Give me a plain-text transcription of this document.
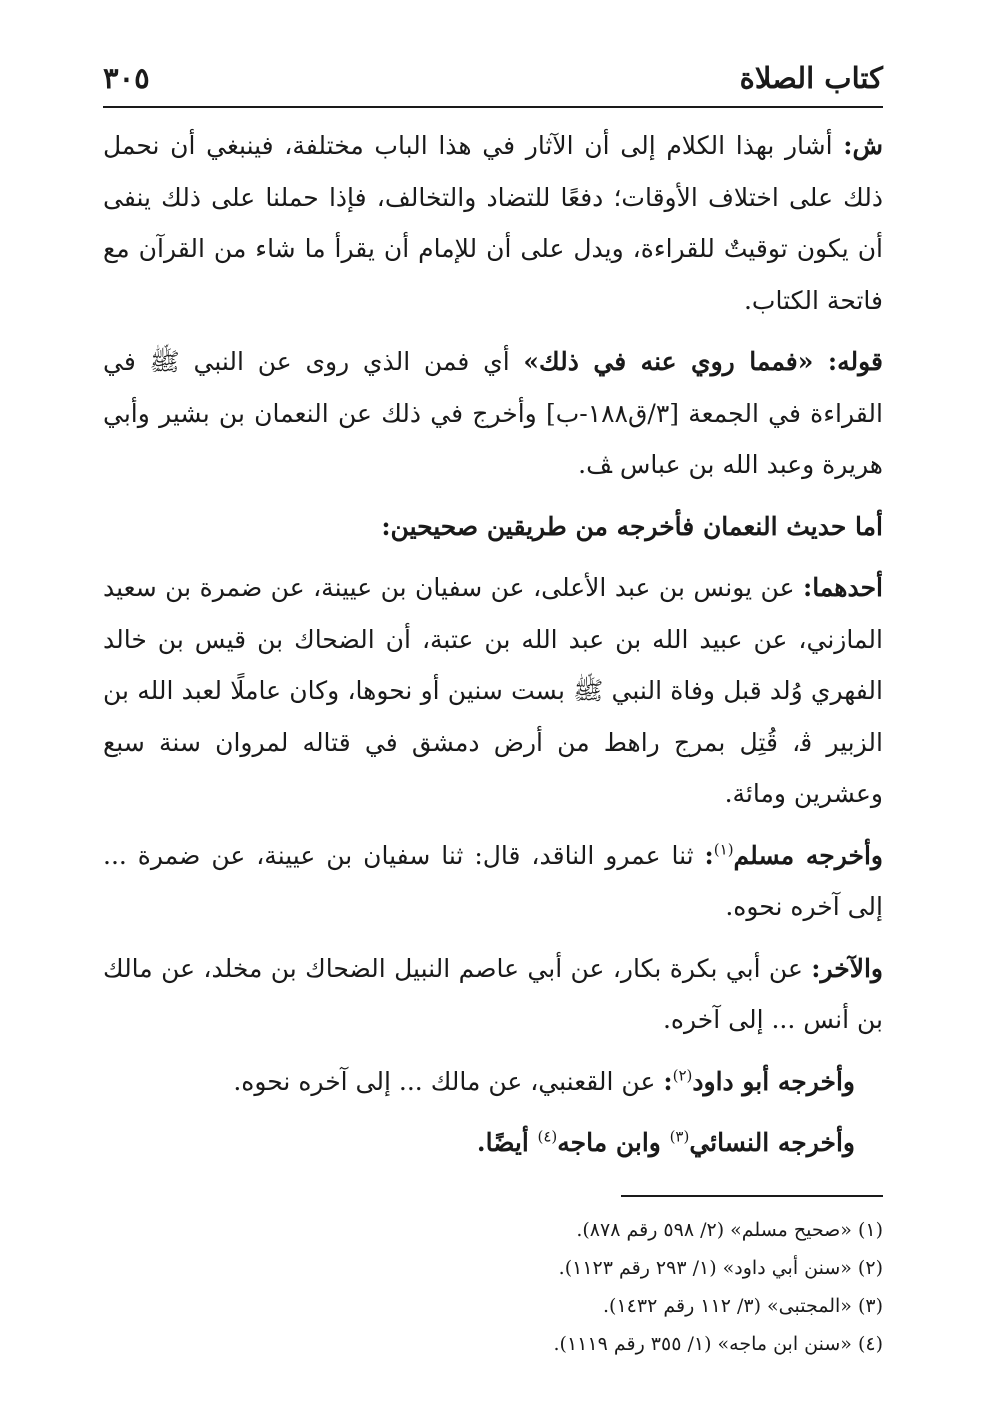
كتاب الصلاة
٣٠٥

ش: أشار بهذا الكلام إلى أن الآثار في هذا الباب مختلفة، فينبغي أن نحمل ذلك على اختلاف الأوقات؛ دفعًا للتضاد والتخالف، فإذا حملنا على ذلك ينفى أن يكون توقيتٌ للقراءة، ويدل على أن للإمام أن يقرأ ما شاء من القرآن مع فاتحة الكتاب.

قوله: «فمما روي عنه في ذلك» أي فمن الذي روى عن النبي ﷺ في القراءة في الجمعة [٣/ق١٨٨-ب] وأخرج في ذلك عن النعمان بن بشير وأبي هريرة وعبد الله بن عباس ﭫ.

أما حديث النعمان فأخرجه من طريقين صحيحين:

أحدهما: عن يونس بن عبد الأعلى، عن سفيان بن عيينة، عن ضمرة بن سعيد المازني، عن عبيد الله بن عبد الله بن عتبة، أن الضحاك بن قيس بن خالد الفهري وُلد قبل وفاة النبي ﷺ بست سنين أو نحوها، وكان عاملًا لعبد الله بن الزبير ﭬ، قُتِل بمرج راهط من أرض دمشق في قتاله لمروان سنة سبع وعشرين ومائة.

وأخرجه مسلم$^{(١)}$: ثنا عمرو الناقد، قال: ثنا سفيان بن عيينة، عن ضمرة ... إلى آخره نحوه.

والآخر: عن أبي بكرة بكار، عن أبي عاصم النبيل الضحاك بن مخلد، عن مالك بن أنس ... إلى آخره.

وأخرجه أبو داود$^{(٢)}$: عن القعنبي، عن مالك ... إلى آخره نحوه.

وأخرجه النسائي$^{(٣)}$ وابن ماجه$^{(٤)}$ أيضًا.

(١) «صحيح مسلم» (٢/ ٥٩٨ رقم ٨٧٨).

(٢) «سنن أبي داود» (١/ ٢٩٣ رقم ١١٢٣).

(٣) «المجتبى» (٣/ ١١٢ رقم ١٤٣٢).

(٤) «سنن ابن ماجه» (١/ ٣٥٥ رقم ١١١٩).
